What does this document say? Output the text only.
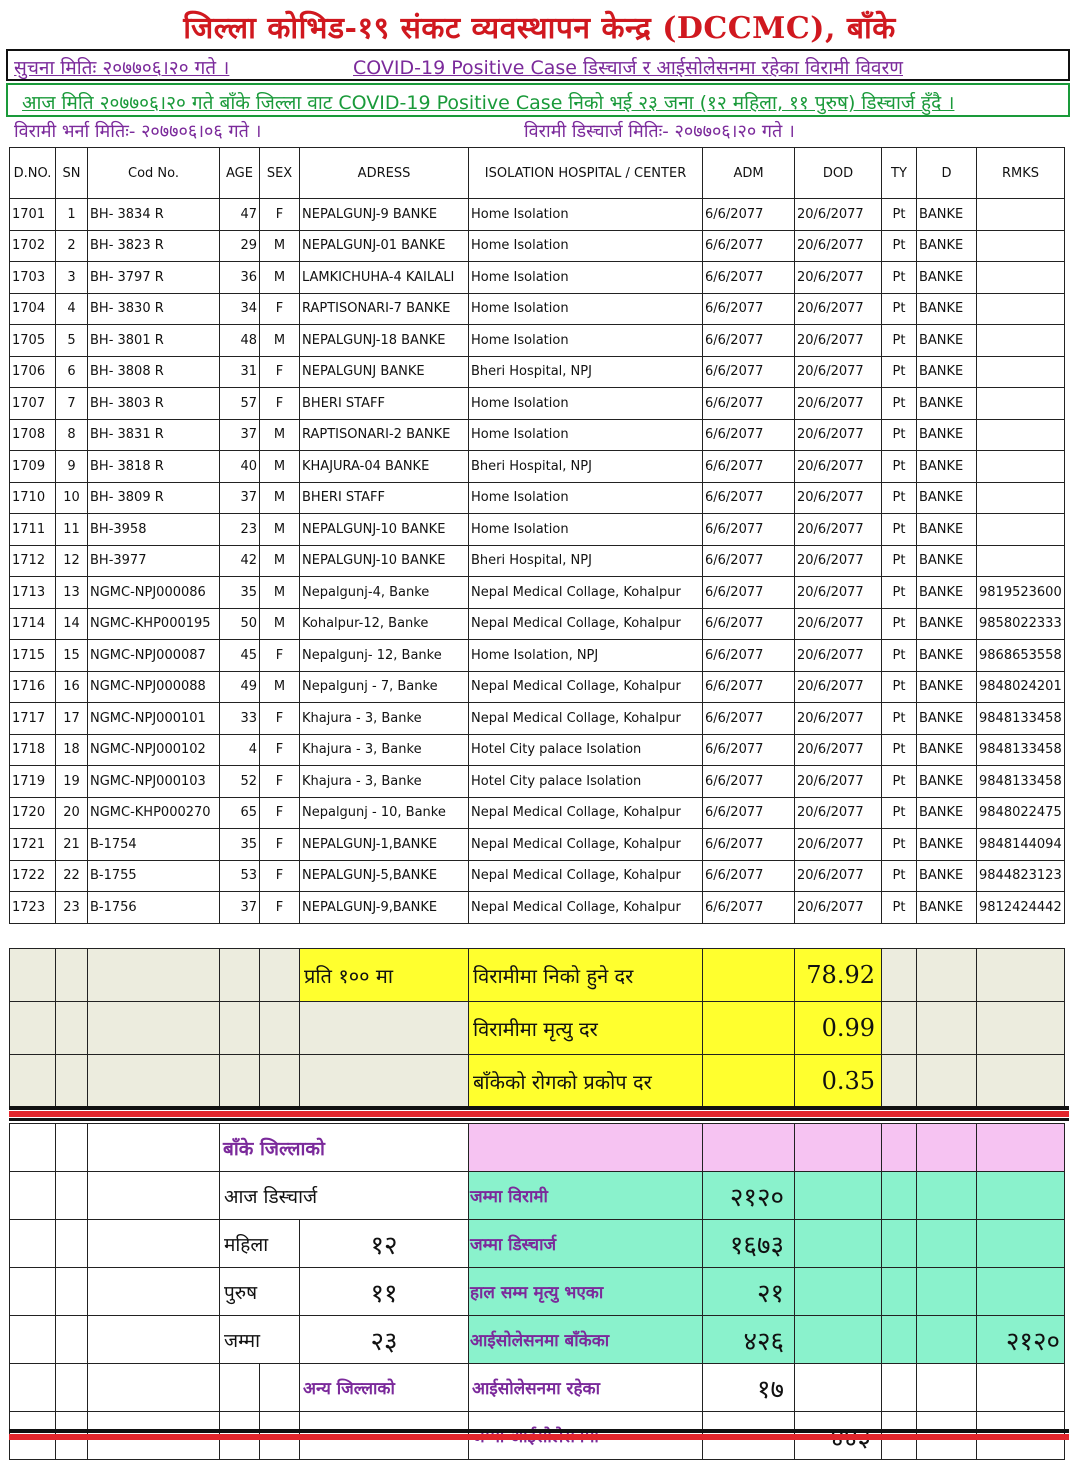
जिल्ला कोभिड-१९ संकट व्यवस्थापन केन्द्र (DCCMC), बाँके
सुचना मितिः २०७७०६।२० गते ।	COVID-19 Positive Case डिस्चार्ज र आईसोलेसनमा रहेका विरामी विवरण
आज मिति २०७७०६।२० गते बाँके जिल्ला वाट COVID-19 Positive Case निको भई २३ जना (१२ महिला, ११ पुरुष) डिस्चार्ज हुँदै ।
विरामी भर्ना मितिः- २०७७०६।०६ गते ।	विरामी डिस्चार्ज मितिः- २०७७०६।२० गते ।
D.NO.	SN	Cod No.	AGE	SEX	ADRESS	ISOLATION HOSPITAL / CENTER	ADM	DOD	TY	D	RMKS
1701	1	BH- 3834 R	47	F	NEPALGUNJ-9 BANKE	Home Isolation	6/6/2077	20/6/2077	Pt	BANKE	
1702	2	BH- 3823 R	29	M	NEPALGUNJ-01 BANKE	Home Isolation	6/6/2077	20/6/2077	Pt	BANKE	
1703	3	BH- 3797 R	36	M	LAMKICHUHA-4 KAILALI	Home Isolation	6/6/2077	20/6/2077	Pt	BANKE	
1704	4	BH- 3830 R	34	F	RAPTISONARI-7 BANKE	Home Isolation	6/6/2077	20/6/2077	Pt	BANKE	
1705	5	BH- 3801 R	48	M	NEPALGUNJ-18 BANKE	Home Isolation	6/6/2077	20/6/2077	Pt	BANKE	
1706	6	BH- 3808 R	31	F	NEPALGUNJ BANKE	Bheri Hospital, NPJ	6/6/2077	20/6/2077	Pt	BANKE	
1707	7	BH- 3803 R	57	F	BHERI STAFF	Home Isolation	6/6/2077	20/6/2077	Pt	BANKE	
1708	8	BH- 3831 R	37	M	RAPTISONARI-2 BANKE	Home Isolation	6/6/2077	20/6/2077	Pt	BANKE	
1709	9	BH- 3818 R	40	M	KHAJURA-04 BANKE	Bheri Hospital, NPJ	6/6/2077	20/6/2077	Pt	BANKE	
1710	10	BH- 3809 R	37	M	BHERI STAFF	Home Isolation	6/6/2077	20/6/2077	Pt	BANKE	
1711	11	BH-3958	23	M	NEPALGUNJ-10 BANKE	Home Isolation	6/6/2077	20/6/2077	Pt	BANKE	
1712	12	BH-3977	42	M	NEPALGUNJ-10 BANKE	Bheri Hospital, NPJ	6/6/2077	20/6/2077	Pt	BANKE	
1713	13	NGMC-NPJ000086	35	M	Nepalgunj-4, Banke	Nepal Medical Collage, Kohalpur	6/6/2077	20/6/2077	Pt	BANKE	9819523600
1714	14	NGMC-KHP000195	50	M	Kohalpur-12, Banke	Nepal Medical Collage, Kohalpur	6/6/2077	20/6/2077	Pt	BANKE	9858022333
1715	15	NGMC-NPJ000087	45	F	Nepalgunj- 12, Banke	Home Isolation, NPJ	6/6/2077	20/6/2077	Pt	BANKE	9868653558
1716	16	NGMC-NPJ000088	49	M	Nepalgunj - 7, Banke	Nepal Medical Collage, Kohalpur	6/6/2077	20/6/2077	Pt	BANKE	9848024201
1717	17	NGMC-NPJ000101	33	F	Khajura - 3, Banke	Nepal Medical Collage, Kohalpur	6/6/2077	20/6/2077	Pt	BANKE	9848133458
1718	18	NGMC-NPJ000102	4	F	Khajura - 3, Banke	Hotel City palace Isolation	6/6/2077	20/6/2077	Pt	BANKE	9848133458
1719	19	NGMC-NPJ000103	52	F	Khajura - 3, Banke	Hotel City palace Isolation	6/6/2077	20/6/2077	Pt	BANKE	9848133458
1720	20	NGMC-KHP000270	65	F	Nepalgunj - 10, Banke	Nepal Medical Collage, Kohalpur	6/6/2077	20/6/2077	Pt	BANKE	9848022475
1721	21	B-1754	35	F	NEPALGUNJ-1,BANKE	Nepal Medical Collage, Kohalpur	6/6/2077	20/6/2077	Pt	BANKE	9848144094
1722	22	B-1755	53	F	NEPALGUNJ-5,BANKE	Nepal Medical Collage, Kohalpur	6/6/2077	20/6/2077	Pt	BANKE	9844823123
1723	23	B-1756	37	F	NEPALGUNJ-9,BANKE	Nepal Medical Collage, Kohalpur	6/6/2077	20/6/2077	Pt	BANKE	9812424442
					प्रति १०० मा	विरामीमा निको हुने दर		78.92			
						विरामीमा मृत्यु दर		0.99			
						बाँकेको रोगको प्रकोप दर		0.35			
			बाँके जिल्लाको								
			आज डिस्चार्ज			जम्मा विरामी	२१२०				
			महिला		१२	जम्मा डिस्चार्ज	१६७३				
			पुरुष		११	हाल सम्म मृत्यु भएका	२१				
			जम्मा		२३	आईसोलेसनमा बाँकेका	४२६				२१२०
					अन्य जिल्लाको	आईसोलेसनमा रहेका	१७				
